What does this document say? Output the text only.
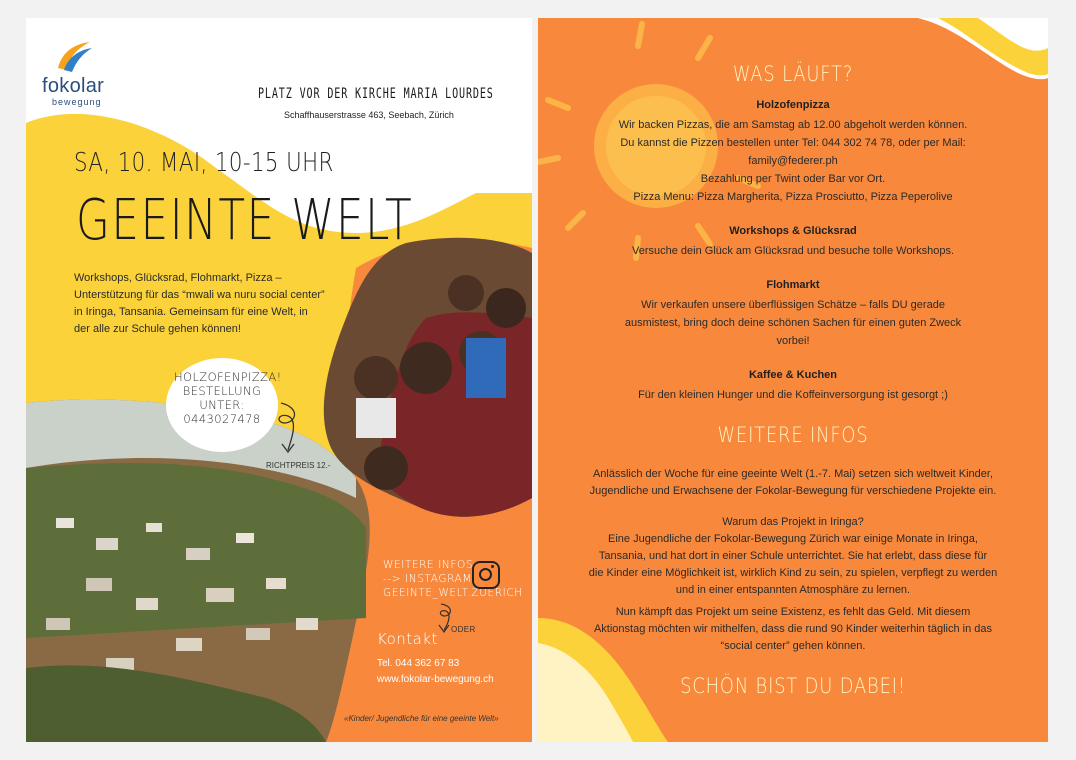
fokolar
bewegung	PLATZ VOR DER KIRCHE MARIA LOURDES
Schaffhauserstrasse 463, Seebach, Zürich
SA, 10. MAI, 10-15 UHR
GEEINTE WELT
Workshops, Glücksrad, Flohmarkt, Pizza – Unterstützung für das “mwali wa nuru social center” in Iringa, Tansania. Gemeinsam für eine Welt, in der alle zur Schule gehen können!
HOLZOFENPIZZA!
BESTELLUNG
UNTER:
0443027478
RICHTPREIS 12.-
WEITERE INFOS
--> INSTAGRAM:
GEEINTE_WELT.ZUERICH
ODER
Kontakt
Tel. 044 362 67 83
www.fokolar-bewegung.ch
«Kinder/ Jugendliche für eine geeinte Welt»
WAS LÄUFT?
Holzofenpizza
Wir backen Pizzas, die am Samstag ab 12.00 abgeholt werden können.
Du kannst die Pizzen bestellen unter Tel: 044 302 74 78, oder per Mail:
family@federer.ph
Bezahlung per Twint oder Bar vor Ort.
Pizza Menu: Pizza Margherita, Pizza Prosciutto, Pizza Peperolive
Workshops & Glücksrad
Versuche dein Glück am Glücksrad und besuche tolle Workshops.
Flohmarkt
Wir verkaufen unsere überflüssigen Schätze – falls DU gerade
ausmistest, bring doch deine schönen Sachen für einen guten Zweck
vorbei!
Kaffee & Kuchen
Für den kleinen Hunger und die Koffeinversorgung ist gesorgt ;)
WEITERE INFOS
Anlässlich der Woche für eine geeinte Welt (1.-7. Mai) setzen sich weltweit Kinder,
Jugendliche und Erwachsene der Fokolar-Bewegung für verschiedene Projekte ein.
Warum das Projekt in Iringa?
Eine Jugendliche der Fokolar-Bewegung Zürich war einige Monate in Iringa,
Tansania, und hat dort in einer Schule unterrichtet. Sie hat erlebt, dass diese für
die Kinder eine Möglichkeit ist, wirklich Kind zu sein, zu spielen, verpflegt zu werden
und in einer entspannten Atmosphäre zu lernen.
Nun kämpft das Projekt um seine Existenz, es fehlt das Geld. Mit diesem
Aktionstag möchten wir mithelfen, dass die rund 90 Kinder weiterhin täglich in das
“social center” gehen können.
SCHÖN BIST DU DABEI!
